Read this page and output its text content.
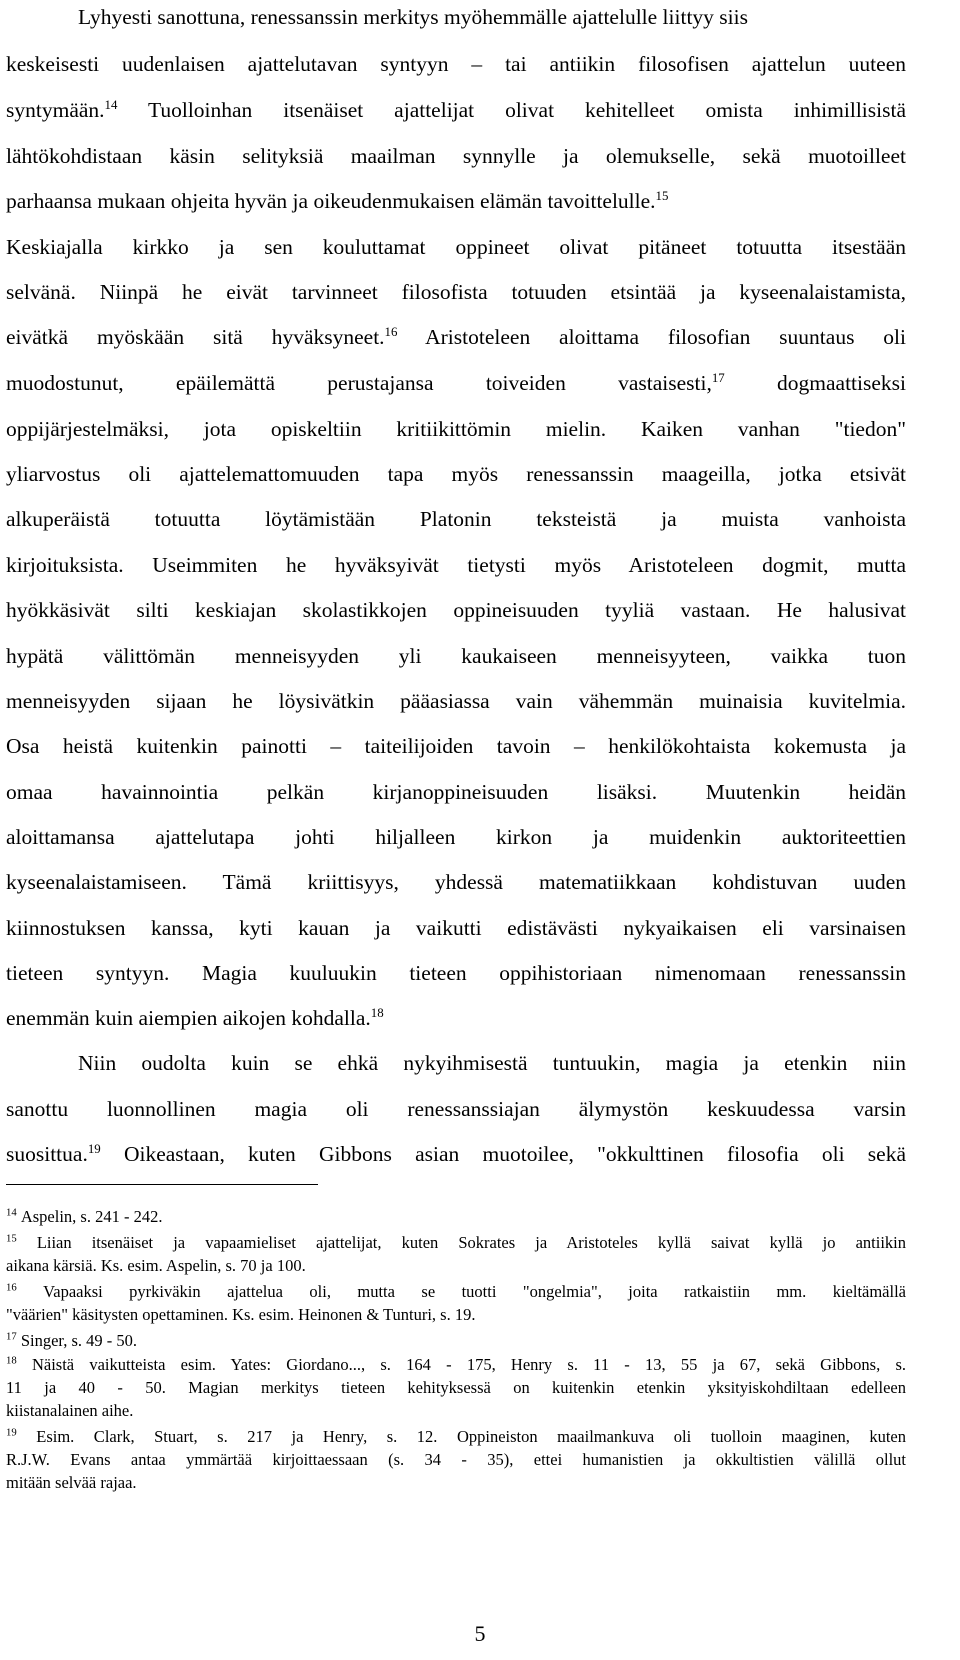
Lyhyesti sanottuna, renessanssin merkitys myöhemmälle ajattelulle liittyy siis
keskeisesti uudenlaisen ajattelutavan syntyyn – tai antiikin filosofisen ajattelun uuteen
syntymään.$^{14}$ Tuolloinhan itsenäiset ajattelijat olivat kehitelleet omista inhimillisistä
lähtökohdistaan käsin selityksiä maailman synnylle ja olemukselle, sekä muotoilleet
parhaansa mukaan ohjeita hyvän ja oikeudenmukaisen elämän tavoittelulle.$^{15}$
Keskiajalla kirkko ja sen kouluttamat oppineet olivat pitäneet totuutta itsestään
selvänä. Niinpä he eivät tarvinneet filosofista totuuden etsintää ja kyseenalaistamista,
eivätkä myöskään sitä hyväksyneet.$^{16}$ Aristoteleen aloittama filosofian suuntaus oli
muodostunut, epäilemättä perustajansa toiveiden vastaisesti,$^{17}$ dogmaattiseksi
oppijärjestelmäksi, jota opiskeltiin kritiikittömin mielin. Kaiken vanhan "tiedon"
yliarvostus oli ajattelemattomuuden tapa myös renessanssin maageilla, jotka etsivät
alkuperäistä totuutta löytämistään Platonin teksteistä ja muista vanhoista
kirjoituksista. Useimmiten he hyväksyivät tietysti myös Aristoteleen dogmit, mutta
hyökkäsivät silti keskiajan skolastikkojen oppineisuuden tyyliä vastaan. He halusivat
hypätä välittömän menneisyyden yli kaukaiseen menneisyyteen, vaikka tuon
menneisyyden sijaan he löysivätkin pääasiassa vain vähemmän muinaisia kuvitelmia.
Osa heistä kuitenkin painotti – taiteilijoiden tavoin – henkilökohtaista kokemusta ja
omaa havainnointia pelkän kirjanoppineisuuden lisäksi. Muutenkin heidän
aloittamansa ajattelutapa johti hiljalleen kirkon ja muidenkin auktoriteettien
kyseenalaistamiseen. Tämä kriittisyys, yhdessä matematiikkaan kohdistuvan uuden
kiinnostuksen kanssa, kyti kauan ja vaikutti edistävästi nykyaikaisen eli varsinaisen
tieteen syntyyn. Magia kuuluukin tieteen oppihistoriaan nimenomaan renessanssin
enemmän kuin aiempien aikojen kohdalla.$^{18}$
Niin oudolta kuin se ehkä nykyihmisestä tuntuukin, magia ja etenkin niin
sanottu luonnollinen magia oli renessanssiajan älymystön keskuudessa varsin
suosittua.$^{19}$ Oikeastaan, kuten Gibbons asian muotoilee, "okkulttinen filosofia oli sekä
$^{14}$ Aspelin, s. 241 - 242.
$^{15}$ Liian itsenäiset ja vapaamieliset ajattelijat, kuten Sokrates ja Aristoteles kyllä saivat kyllä jo antiikin
aikana kärsiä. Ks. esim. Aspelin, s. 70 ja 100.
$^{16}$ Vapaaksi pyrkiväkin ajattelua oli, mutta se tuotti "ongelmia", joita ratkaistiin mm. kieltämällä
"väärien" käsitysten opettaminen. Ks. esim. Heinonen & Tunturi, s. 19.
$^{17}$ Singer, s. 49 - 50.
$^{18}$ Näistä vaikutteista esim. Yates: Giordano..., s. 164 - 175, Henry s. 11 - 13, 55 ja 67, sekä Gibbons, s.
11 ja 40 - 50. Magian merkitys tieteen kehityksessä on kuitenkin etenkin yksityiskohdiltaan edelleen
kiistanalainen aihe.
$^{19}$ Esim. Clark, Stuart, s. 217 ja Henry, s. 12. Oppineiston maailmankuva oli tuolloin maaginen, kuten
R.J.W. Evans antaa ymmärtää kirjoittaessaan (s. 34 - 35), ettei humanistien ja okkultistien välillä ollut
mitään selvää rajaa.
5
